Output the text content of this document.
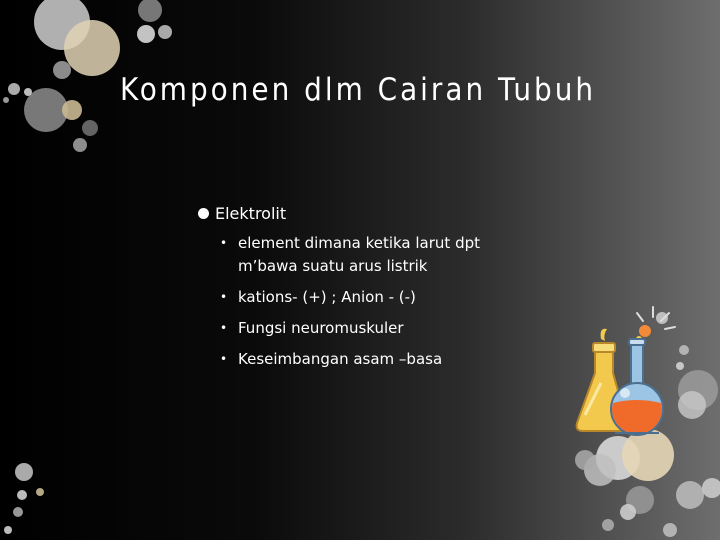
Komponen dlm Cairan Tubuh
Elektrolit
• element dimana ketika larut dpt m’bawa suatu arus listrik
• kations- (+) ; Anion - (-)
• Fungsi neuromuskuler
• Keseimbangan asam –basa
